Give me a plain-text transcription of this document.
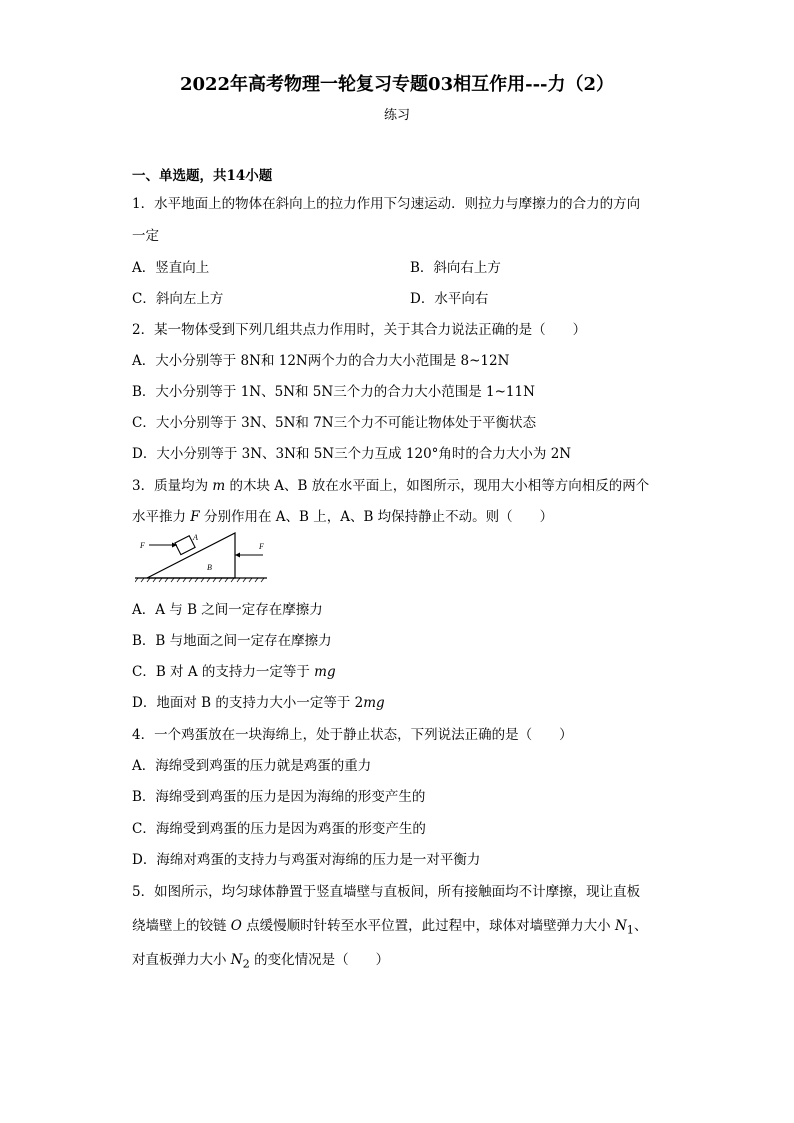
2022年高考物理一轮复习专题03相互作用---力（2）
练习
一、单选题，共14小题
1．水平地面上的物体在斜向上的拉力作用下匀速运动．则拉力与摩擦力的合力的方向
一定
A．竖直向上	B．斜向右上方
C．斜向左上方	D．水平向右
2．某一物体受到下列几组共点力作用时，关于其合力说法正确的是（　　）
A．大小分别等于 8N和 12N两个力的合力大小范围是 8~12N
B．大小分别等于 1N、5N和 5N三个力的合力大小范围是 1~11N
C．大小分别等于 3N、5N和 7N三个力不可能让物体处于平衡状态
D．大小分别等于 3N、3N和 5N三个力互成 120°角时的合力大小为 2N
3．质量均为 m 的木块 A、B 放在水平面上，如图所示，现用大小相等方向相反的两个
水平推力 F 分别作用在 A、B 上，A、B 均保持静止不动。则（　　）
F
A
B
F
A．A 与 B 之间一定存在摩擦力
B．B 与地面之间一定存在摩擦力
C．B 对 A 的支持力一定等于 mg
D．地面对 B 的支持力大小一定等于 2mg
4．一个鸡蛋放在一块海绵上，处于静止状态，下列说法正确的是（　　）
A．海绵受到鸡蛋的压力就是鸡蛋的重力
B．海绵受到鸡蛋的压力是因为海绵的形变产生的
C．海绵受到鸡蛋的压力是因为鸡蛋的形变产生的
D．海绵对鸡蛋的支持力与鸡蛋对海绵的压力是一对平衡力
5．如图所示，均匀球体静置于竖直墙壁与直板间，所有接触面均不计摩擦，现让直板
绕墙壁上的铰链 O 点缓慢顺时针转至水平位置，此过程中，球体对墙壁弹力大小 $N_1$、
对直板弹力大小 $N_2$ 的变化情况是（　　）
